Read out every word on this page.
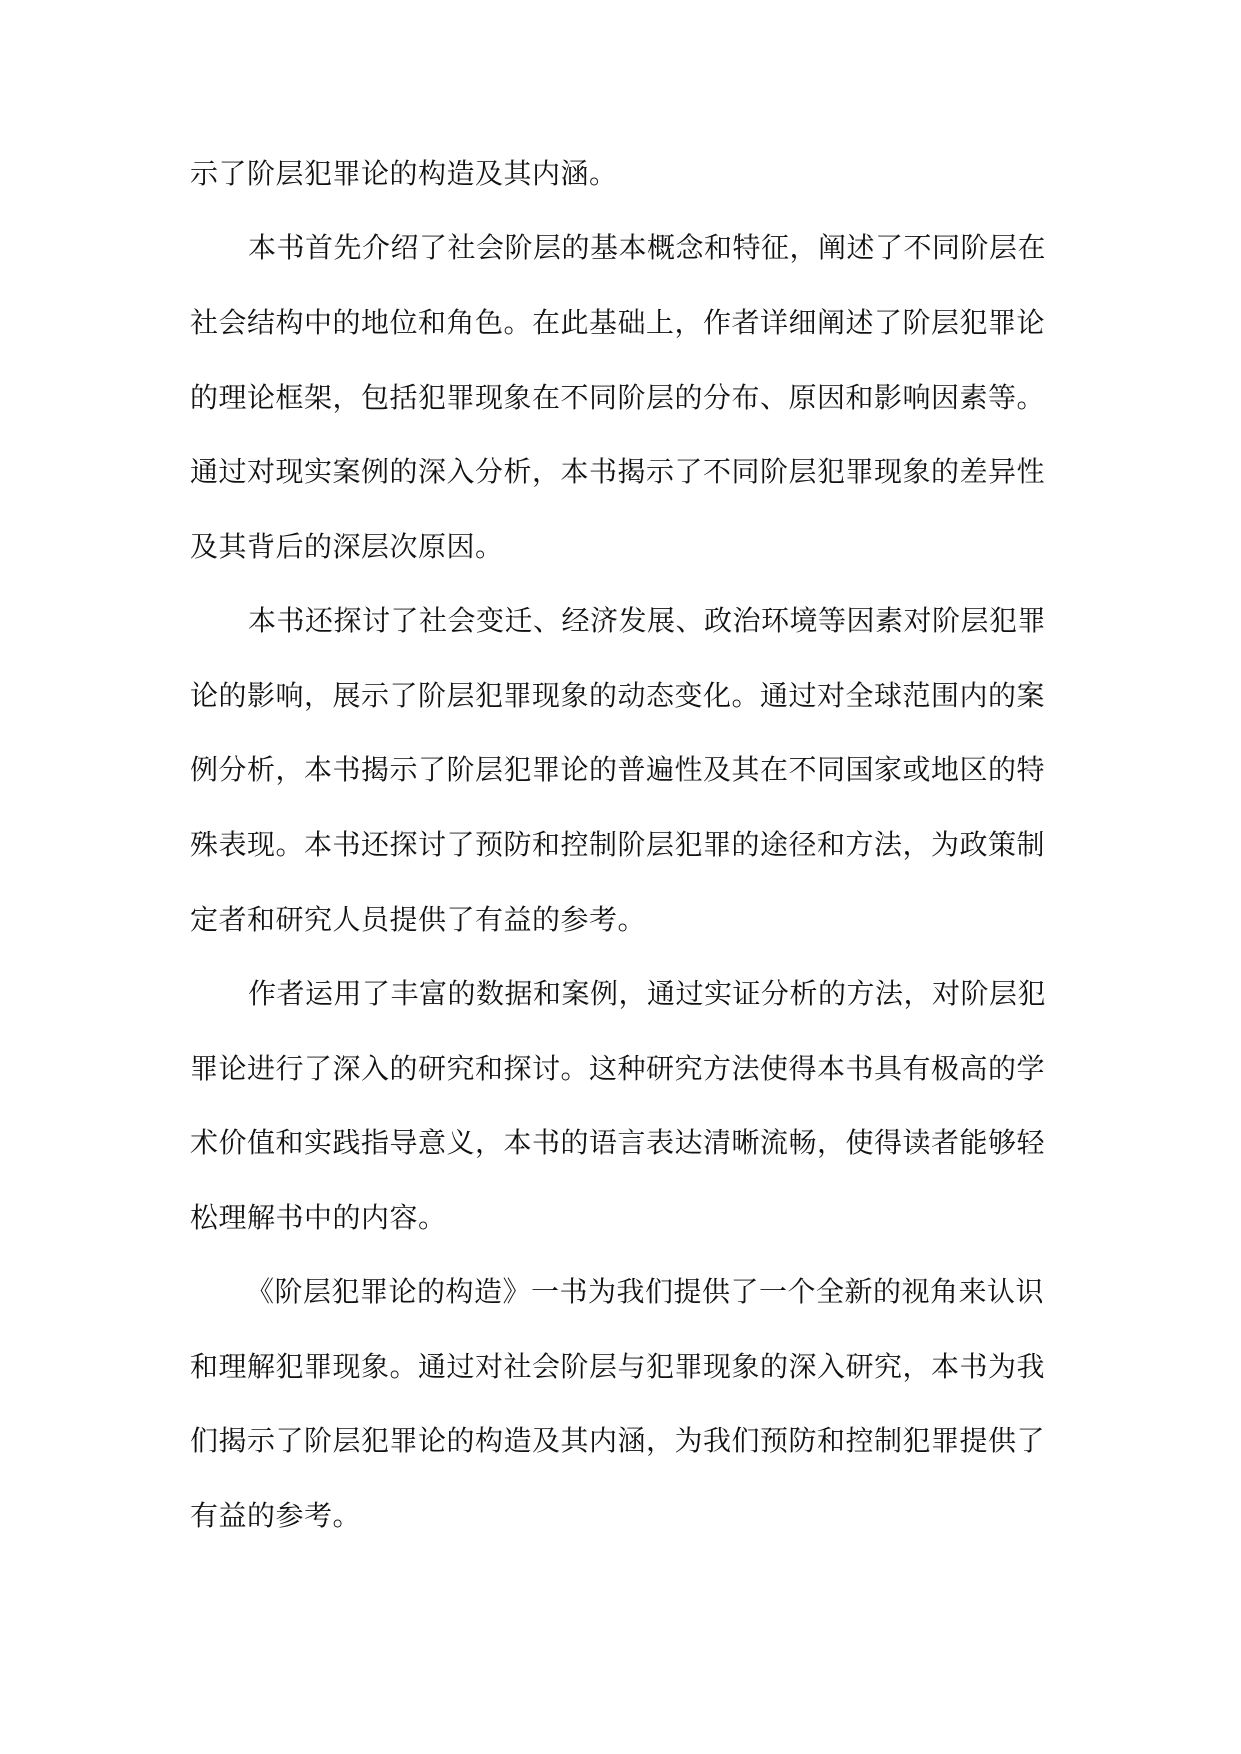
示了阶层犯罪论的构造及其内涵。
本书首先介绍了社会阶层的基本概念和特征，阐述了不同阶层在
社会结构中的地位和角色。在此基础上，作者详细阐述了阶层犯罪论
的理论框架，包括犯罪现象在不同阶层的分布、原因和影响因素等。
通过对现实案例的深入分析，本书揭示了不同阶层犯罪现象的差异性
及其背后的深层次原因。
本书还探讨了社会变迁、经济发展、政治环境等因素对阶层犯罪
论的影响，展示了阶层犯罪现象的动态变化。通过对全球范围内的案
例分析，本书揭示了阶层犯罪论的普遍性及其在不同国家或地区的特
殊表现。本书还探讨了预防和控制阶层犯罪的途径和方法，为政策制
定者和研究人员提供了有益的参考。
作者运用了丰富的数据和案例，通过实证分析的方法，对阶层犯
罪论进行了深入的研究和探讨。这种研究方法使得本书具有极高的学
术价值和实践指导意义，本书的语言表达清晰流畅，使得读者能够轻
松理解书中的内容。
《阶层犯罪论的构造》一书为我们提供了一个全新的视角来认识
和理解犯罪现象。通过对社会阶层与犯罪现象的深入研究，本书为我
们揭示了阶层犯罪论的构造及其内涵，为我们预防和控制犯罪提供了
有益的参考。
